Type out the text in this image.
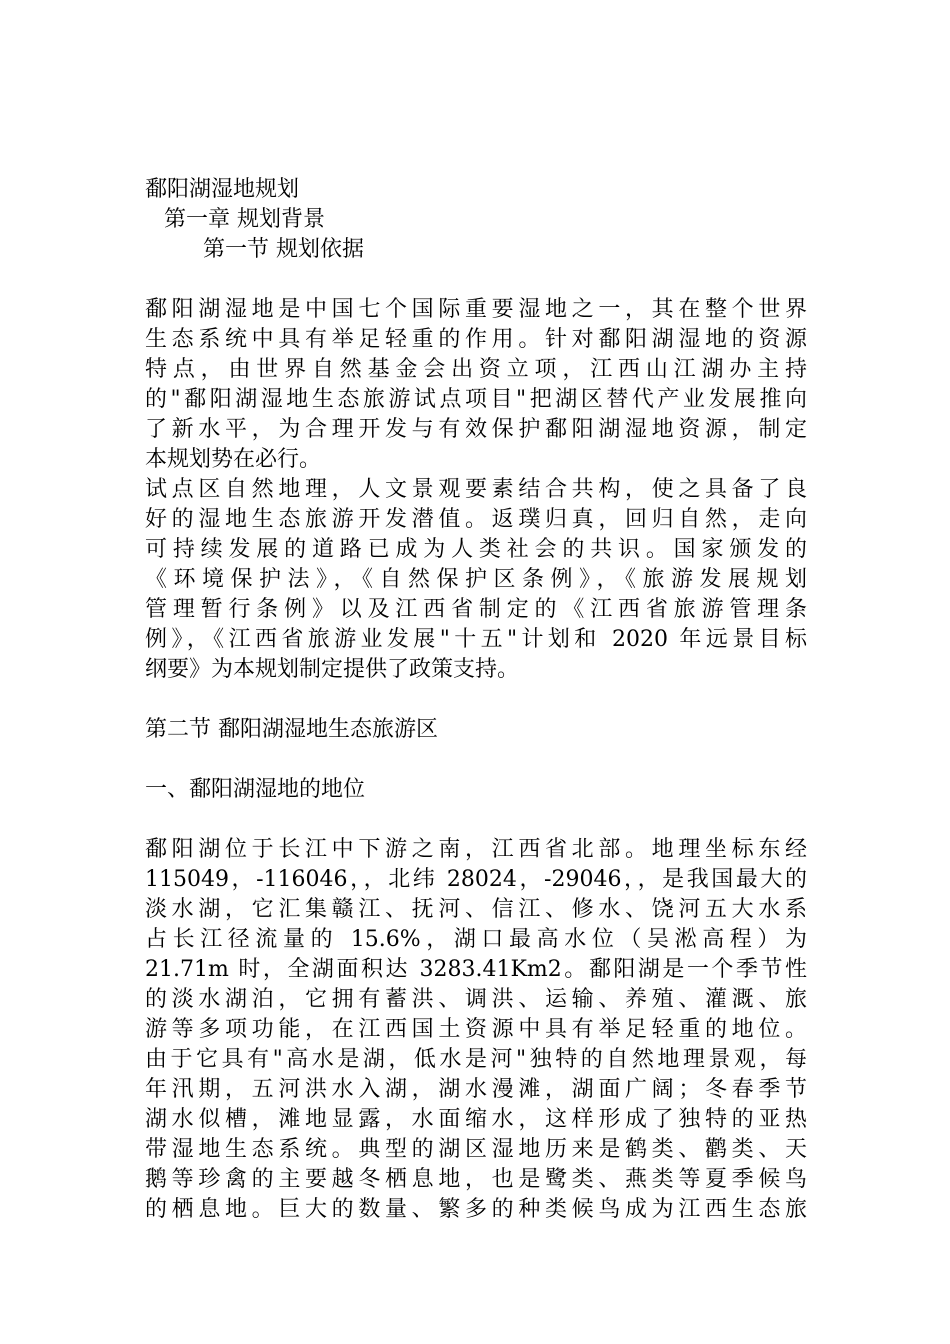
鄱阳湖湿地规划
第一章 规划背景
第一节 规划依据
鄱阳湖湿地是中国七个国际重要湿地之一，其在整个世界
生态系统中具有举足轻重的作用。针对鄱阳湖湿地的资源
特点，由世界自然基金会出资立项，江西山江湖办主持
的"鄱阳湖湿地生态旅游试点项目"把湖区替代产业发展推向
了新水平，为合理开发与有效保护鄱阳湖湿地资源，制定
本规划势在必行。
试点区自然地理，人文景观要素结合共构，使之具备了良
好的湿地生态旅游开发潜值。返璞归真，回归自然，走向
可持续发展的道路已成为人类社会的共识。国家颁发的
《环境保护法》，《自然保护区条例》，《旅游发展规划
管理暂行条例》以及江西省制定的《江西省旅游管理条
例》，《江西省旅游业发展"十五"计划和 2020 年远景目标
纲要》为本规划制定提供了政策支持。
第二节 鄱阳湖湿地生态旅游区
一、鄱阳湖湿地的地位
鄱阳湖位于长江中下游之南，江西省北部。地理坐标东经
115049，-116046，，北纬 28024，-29046，，是我国最大的
淡水湖，它汇集赣江、抚河、信江、修水、饶河五大水系
占长江径流量的 15.6%，湖口最高水位（吴淞高程）为
21.71m 时，全湖面积达 3283.41Km2。鄱阳湖是一个季节性
的淡水湖泊，它拥有蓄洪、调洪、运输、养殖、灌溉、旅
游等多项功能，在江西国土资源中具有举足轻重的地位。
由于它具有"高水是湖，低水是河"独特的自然地理景观，每
年汛期，五河洪水入湖，湖水漫滩，湖面广阔；冬春季节
湖水似槽，滩地显露，水面缩水，这样形成了独特的亚热
带湿地生态系统。典型的湖区湿地历来是鹤类、鹳类、天
鹅等珍禽的主要越冬栖息地，也是鹭类、燕类等夏季候鸟
的栖息地。巨大的数量、繁多的种类候鸟成为江西生态旅
